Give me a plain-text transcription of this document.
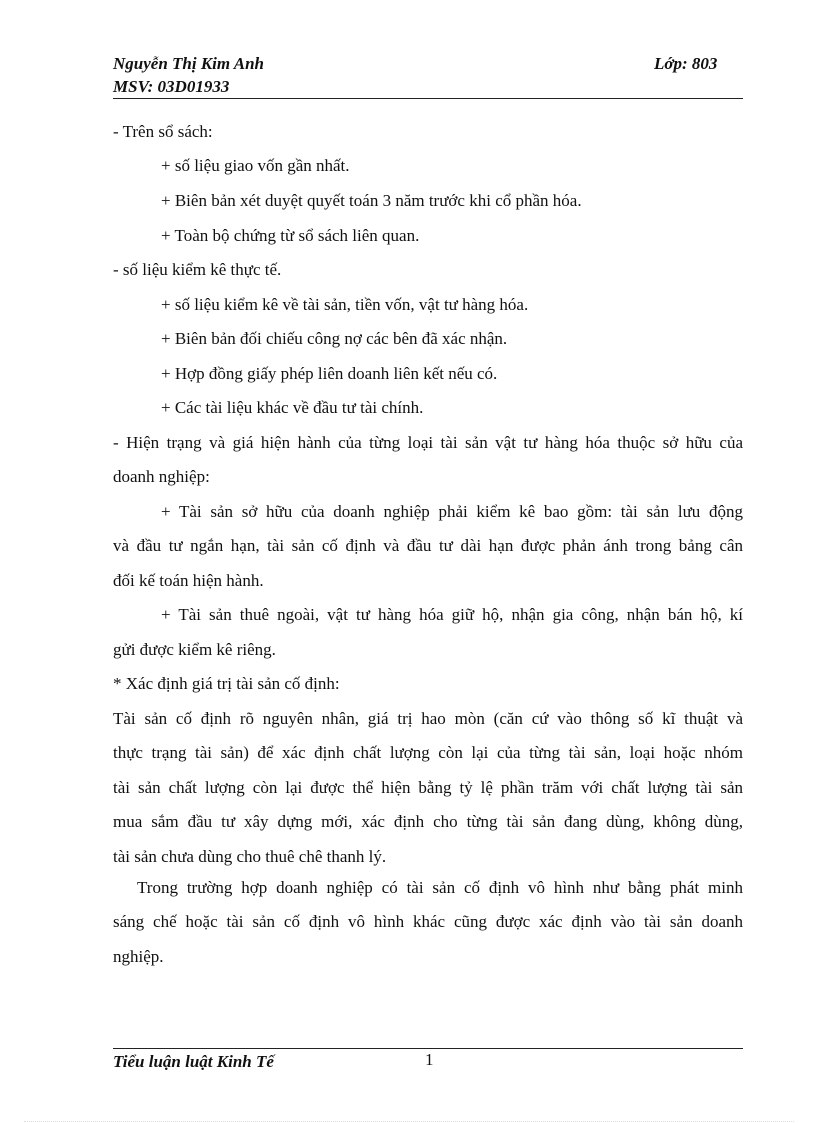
Nguyễn Thị Kim Anh	Lớp: 803
MSV: 03D01933
- Trên sổ sách:
+ số liệu giao vốn gần nhất.
+ Biên bản xét duyệt quyết toán 3 năm trước khi cổ phần hóa.
+ Toàn bộ chứng từ sổ sách liên quan.
- số liệu kiểm kê thực tế.
+ số liệu kiểm kê về tài sản, tiền vốn, vật tư hàng hóa.
+ Biên bản đối chiếu công nợ các bên đã xác nhận.
+ Hợp đồng giấy phép liên doanh liên kết nếu có.
+ Các tài liệu khác về đầu tư tài chính.
- Hiện trạng và giá hiện hành của từng loại tài sản vật tư hàng hóa thuộc sở hữu của
doanh nghiệp:
+ Tài sản sở hữu của doanh nghiệp phải kiểm kê bao gồm: tài sản lưu động
và đầu tư ngắn hạn, tài sản cố định và đầu tư dài hạn được phản ánh trong bảng cân
đối kế toán hiện hành.
+ Tài sản thuê ngoài, vật tư hàng hóa giữ hộ, nhận gia công, nhận bán hộ, kí
gửi được kiểm kê riêng.
* Xác định giá trị tài sản cố định:
Tài sản cố định rõ nguyên nhân, giá trị hao mòn (căn cứ vào thông số kĩ thuật và
thực trạng tài sản) để xác định chất lượng còn lại của từng tài sản, loại hoặc nhóm
tài sản chất lượng còn lại được thể hiện bằng tỷ lệ phần trăm với chất lượng tài sản
mua sắm đầu tư xây dựng mới, xác định cho từng tài sản đang dùng, không dùng,
tài sản chưa dùng cho thuê chê thanh lý.
Trong trường hợp doanh nghiệp có tài sản cố định vô hình như bằng phát minh
sáng chế hoặc tài sản cố định vô hình khác cũng được xác định vào tài sản doanh
nghiệp.
Tiểu luận luật Kinh Tế	1
